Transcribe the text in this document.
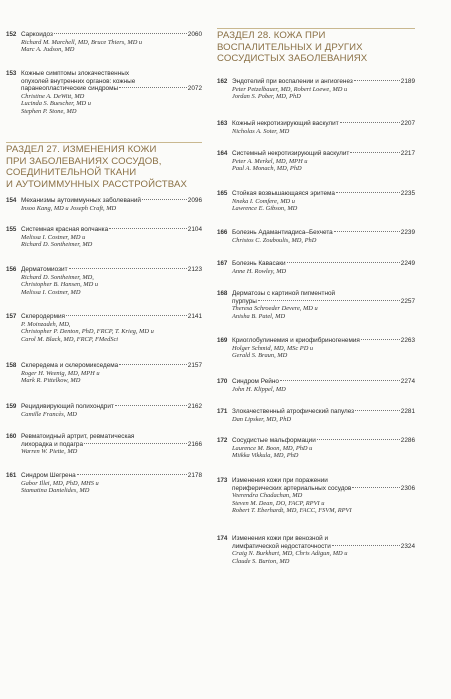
152 Саркоидоз	2060
Richard M. Marchell, MD, Bruce Thiers, MD и
Marc A. Judson, MD
153 Кожные симптомы злокачественных
опухолей внутренних органов: кожные
паранеопластические синдромы	2072
Christine A. DeWitt, MD
Lucinda S. Buescher, MD и
Stephen P. Stone, MD
РАЗДЕЛ 27. ИЗМЕНЕНИЯ КОЖИ
ПРИ ЗАБОЛЕВАНИЯХ СОСУДОВ,
СОЕДИНИТЕЛЬНОЙ ТКАНИ
И АУТОИММУННЫХ РАССТРОЙСТВАХ
154 Механизмы аутоиммунных заболеваний	2096
Insoo Kang, MD и Joseph Craft, MD
155 Системная красная волчанка	2104
Melissa I. Costner, MD и
Richard D. Sontheimer, MD
156 Дерматомиозит	2123
Richard D. Sontheimer, MD,
Christopher B. Hansen, MD и
Melissa I. Costner, MD
157 Склеродермия	2141
P. Moinzadeh, MD,
Christopher P. Denton, PhD, FRCP, T. Krieg, MD и
Carol M. Black, MD, FRCP, FMedSci
158 Склередема и склеромикседема	2157
Roger H. Weenig, MD, MPH и
Mark R. Pittelkow, MD
159 Рецидивирующий полихондрит	2162
Camille Francès, MD
160 Ревматоидный артрит, ревматическая
лихорадка и подагра	2166
Warren W. Piette, MD
161 Синдром Шегрена	2178
Gabor Illei, MD, PhD, MHS и
Stamatina Danielides, MD
РАЗДЕЛ 28. КОЖА ПРИ
ВОСПАЛИТЕЛЬНЫХ И ДРУГИХ
СОСУДИСТЫХ ЗАБОЛЕВАНИЯХ
162 Эндотелий при воспалении и ангиогенез	2189
Peter Petzelbauer, MD, Robert Loewe, MD и
Jordan S. Pober, MD, PhD
163 Кожный некротизирующий васкулит	2207
Nicholas A. Soter, MD
164 Системный некротизирующий васкулит	2217
Peter A. Merkel, MD, MPH и
Paul A. Monach, MD, PhD
165 Стойкая возвышающаяся эритема	2235
Nneka I. Comfere, MD и
Lawrence E. Gibson, MD
166 Болезнь Адамантиадиса–Бехчета	2239
Christos C. Zouboulis, MD, PhD
167 Болезнь Кавасаки	2249
Anne H. Rowley, MD
168 Дерматозы с картиной пигментной
пурпуры	2257
Theresa Schroeder Devere, MD и
Anisha B. Patel, MD
169 Криоглобулинемия и криофибриногенемия	2263
Holger Schmid, MD, MSc PD и
Gerald S. Braun, MD
170 Синдром Рейно	2274
John H. Klippel, MD
171 Злокачественный атрофический папулез	2281
Dan Lipsker, MD, PhD
172 Сосудистые мальформации	2286
Laurence M. Boon, MD, PhD и
Miikka Vikkula, MD, PhD
173 Изменения кожи при поражении
периферических артериальных сосудов	2306
Veerendra Chadachan, MD
Steven M. Dean, DO, FACP, RPVI и
Robert T. Eberhardt, MD, FACC, FSVM, RPVI
174 Изменения кожи при венозной и
лимфатической недостаточности	2324
Craig N. Burkhart, MD, Chris Adigun, MD и
Claude S. Burton, MD
